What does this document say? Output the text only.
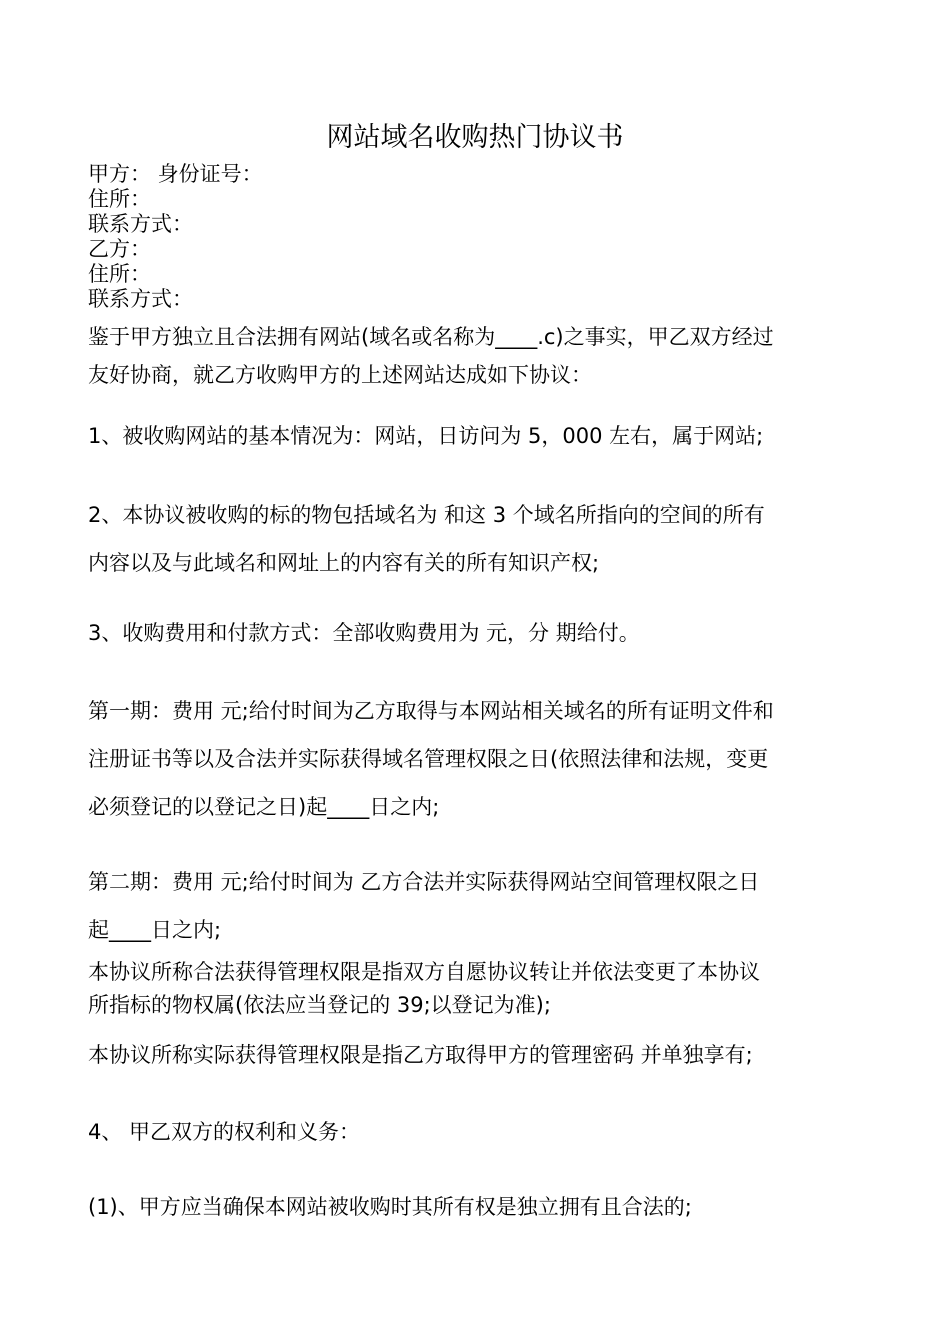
网站域名收购热门协议书
甲方： 身份证号：
住所：
联系方式：
乙方：
住所：
联系方式：
鉴于甲方独立且合法拥有网站(域名或名称为____.c)之事实，甲乙双方经过
友好协商，就乙方收购甲方的上述网站达成如下协议：
1、被收购网站的基本情况为：网站，日访问为 5，000 左右，属于网站;
2、本协议被收购的标的物包括域名为 和这 3 个域名所指向的空间的所有
内容以及与此域名和网址上的内容有关的所有知识产权;
3、收购费用和付款方式：全部收购费用为 元，分 期给付。
第一期：费用 元;给付时间为乙方取得与本网站相关域名的所有证明文件和
注册证书等以及合法并实际获得域名管理权限之日(依照法律和法规，变更
必须登记的以登记之日)起____日之内;
第二期：费用 元;给付时间为 乙方合法并实际获得网站空间管理权限之日
起____日之内;
本协议所称合法获得管理权限是指双方自愿协议转让并依法变更了本协议
所指标的物权属(依法应当登记的 39;以登记为准);
本协议所称实际获得管理权限是指乙方取得甲方的管理密码 并单独享有;
4、 甲乙双方的权利和义务：
(1)、甲方应当确保本网站被收购时其所有权是独立拥有且合法的;
